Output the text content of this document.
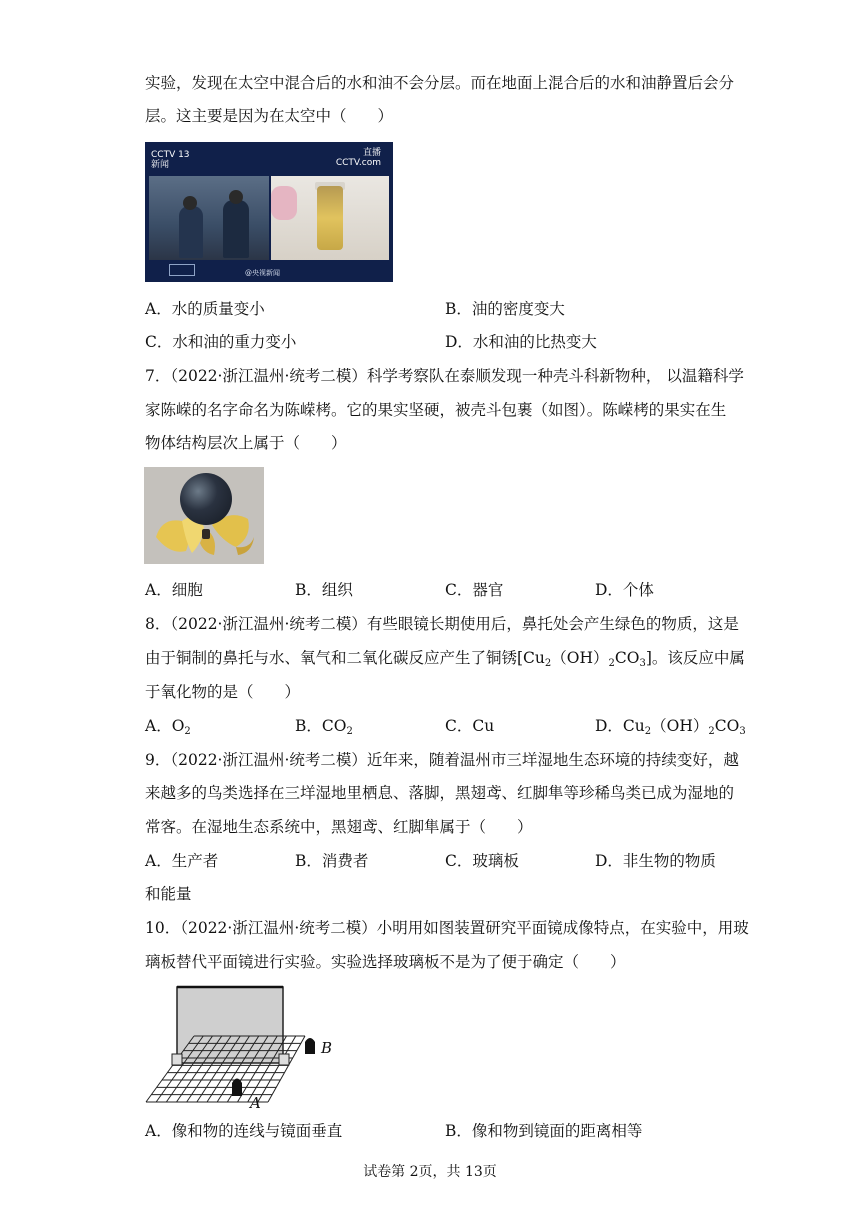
实验，发现在太空中混合后的水和油不会分层。而在地面上混合后的水和油静置后会分
层。这主要是因为在太空中（　　）
CCTV 13
新闻
直播
CCTV.com
@央视新闻
A．水的质量变小	B．油的密度变大
C．水和油的重力变小	D．水和油的比热变大
7．（2022·浙江温州·统考二模）科学考察队在泰顺发现一种壳斗科新物种， 以温籍科学
家陈嵘的名字命名为陈嵘栲。它的果实坚硬，被壳斗包裹（如图）。陈嵘栲的果实在生
物体结构层次上属于（　　）
A．细胞	B．组织	C．器官	D．个体
8．（2022·浙江温州·统考二模）有些眼镜长期使用后，鼻托处会产生绿色的物质，这是
由于铜制的鼻托与水、氧气和二氧化碳反应产生了铜锈$[Cu_2(OH)_2CO_3]$。该反应中属
于氧化物的是（　　）
A．$O_2$	B．$CO_2$	C．Cu	D．$Cu_2(OH)_2CO_3$
9．（2022·浙江温州·统考二模）近年来，随着温州市三垟湿地生态环境的持续变好，越
来越多的鸟类选择在三垟湿地里栖息、落脚，黑翅鸢、红脚隼等珍稀鸟类已成为湿地的
常客。在湿地生态系统中，黑翅鸢、红脚隼属于（　　）
A．生产者	B．消费者	C．玻璃板	D．非生物的物质
和能量
10．（2022·浙江温州·统考二模）小明用如图装置研究平面镜成像特点，在实验中，用玻
璃板替代平面镜进行实验。实验选择玻璃板不是为了便于确定（　　）
B
A
A．像和物的连线与镜面垂直	B．像和物到镜面的距离相等
试卷第 2页，共 13页
